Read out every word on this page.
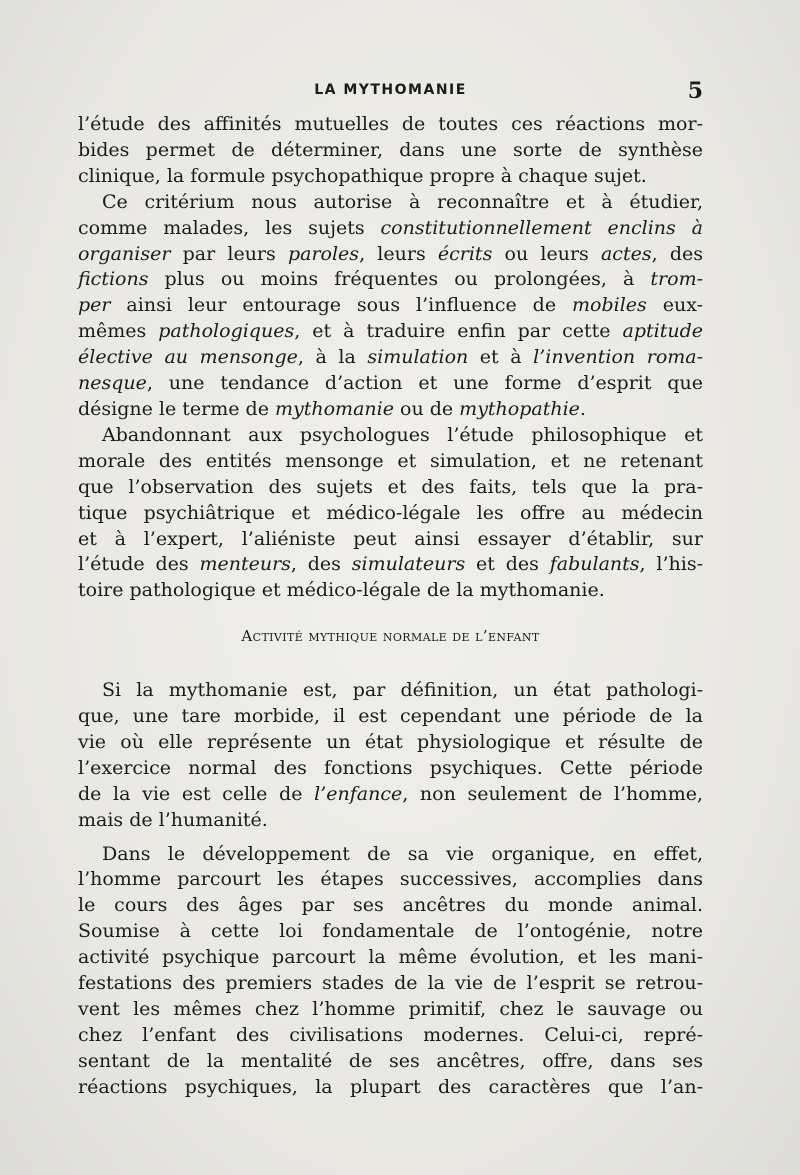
LA MYTHOMANIE	5
l’étude des affinités mutuelles de toutes ces réactions mor-
bides permet de déterminer, dans une sorte de synthèse
clinique, la formule psychopathique propre à chaque sujet.
Ce critérium nous autorise à reconnaître et à étudier,
comme malades, les sujets constitutionnellement enclins à
organiser par leurs paroles, leurs écrits ou leurs actes, des
fictions plus ou moins fréquentes ou prolongées, à trom-
per ainsi leur entourage sous l’influence de mobiles eux-
mêmes pathologiques, et à traduire enfin par cette aptitude
élective au mensonge, à la simulation et à l’invention roma-
nesque, une tendance d’action et une forme d’esprit que
désigne le terme de mythomanie ou de mythopathie.
Abandonnant aux psychologues l’étude philosophique et
morale des entités mensonge et simulation, et ne retenant
que l’observation des sujets et des faits, tels que la pra-
tique psychiâtrique et médico-légale les offre au médecin
et à l’expert, l’aliéniste peut ainsi essayer d’établir, sur
l’étude des menteurs, des simulateurs et des fabulants, l’his-
toire pathologique et médico-légale de la mythomanie.
Activité mythique normale de l’enfant
Si la mythomanie est, par définition, un état pathologi-
que, une tare morbide, il est cependant une période de la
vie où elle représente un état physiologique et résulte de
l’exercice normal des fonctions psychiques. Cette période
de la vie est celle de l’enfance, non seulement de l’homme,
mais de l’humanité.
Dans le développement de sa vie organique, en effet,
l’homme parcourt les étapes successives, accomplies dans
le cours des âges par ses ancêtres du monde animal.
Soumise à cette loi fondamentale de l’ontogénie, notre
activité psychique parcourt la même évolution, et les mani-
festations des premiers stades de la vie de l’esprit se retrou-
vent les mêmes chez l’homme primitif, chez le sauvage ou
chez l’enfant des civilisations modernes. Celui-ci, repré-
sentant de la mentalité de ses ancêtres, offre, dans ses
réactions psychiques, la plupart des caractères que l’an-
